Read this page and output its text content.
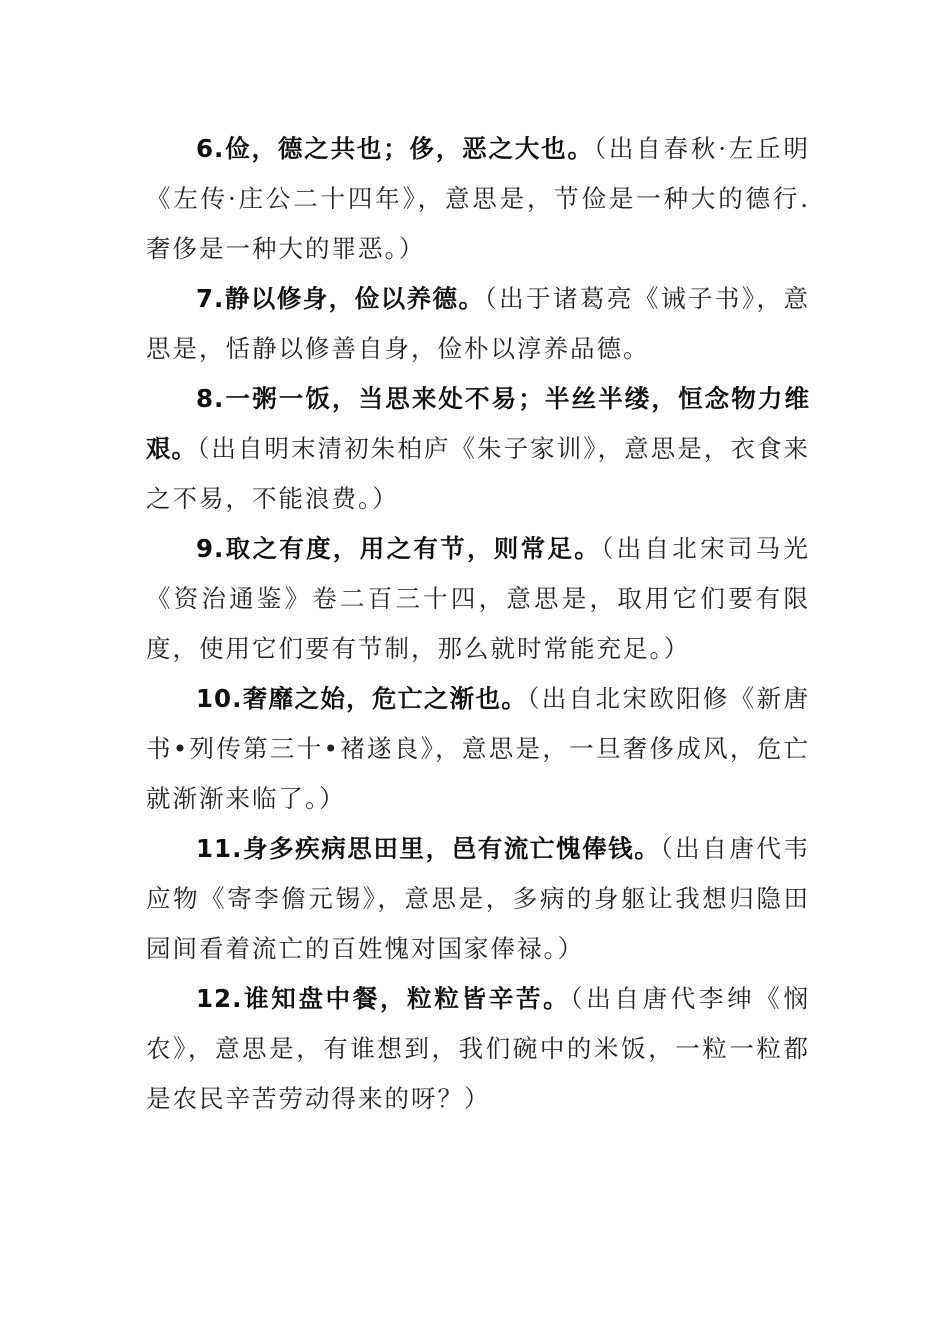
6.俭，德之共也；侈，恶之大也。（出自春秋·左丘明《左传·庄公二十四年》，意思是，节俭是一种大的德行.奢侈是一种大的罪恶。）

7.静以修身，俭以养德。（出于诸葛亮《诫子书》，意思是，恬静以修善自身，俭朴以淳养品德。

8.一粥一饭，当思来处不易；半丝半缕，恒念物力维艰。（出自明末清初朱柏庐《朱子家训》，意思是，衣食来之不易，不能浪费。）

9.取之有度，用之有节，则常足。（出自北宋司马光《资治通鉴》卷二百三十四，意思是，取用它们要有限度，使用它们要有节制，那么就时常能充足。）

10.奢靡之始，危亡之渐也。（出自北宋欧阳修《新唐书•列传第三十•褚遂良》，意思是，一旦奢侈成风，危亡就渐渐来临了。）

11.身多疾病思田里，邑有流亡愧俸钱。（出自唐代韦应物《寄李儋元锡》，意思是，多病的身躯让我想归隐田园间看着流亡的百姓愧对国家俸禄。）

12.谁知盘中餐，粒粒皆辛苦。（出自唐代李绅《悯农》，意思是，有谁想到，我们碗中的米饭，一粒一粒都是农民辛苦劳动得来的呀？）
